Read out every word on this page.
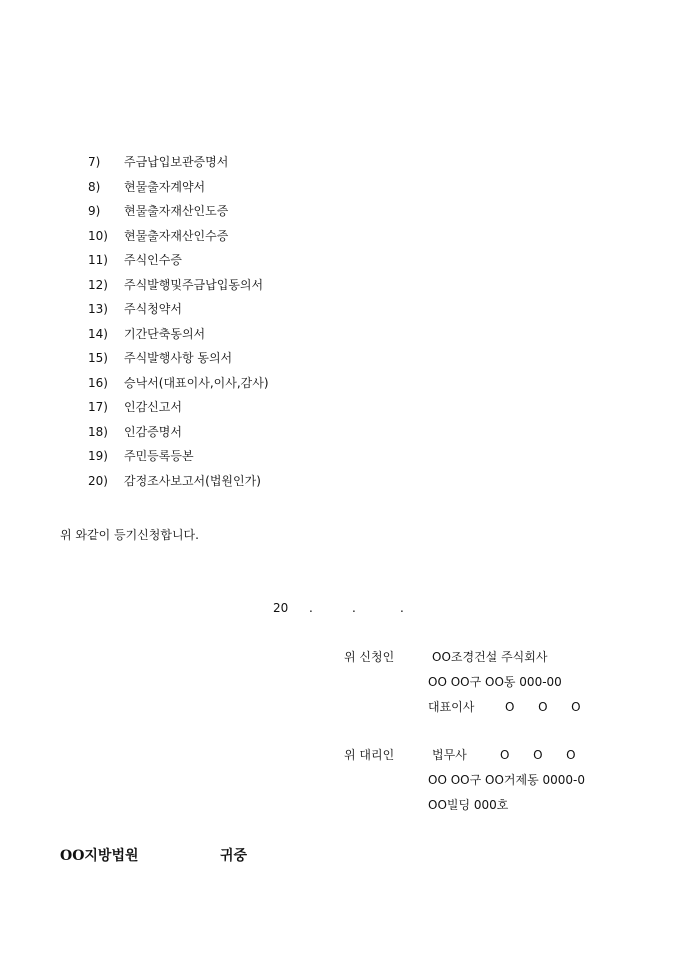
7)	주금납입보관증명서
8)	현물출자계약서
9)	현물출자재산인도증
10)	현물출자재산인수증
11)	주식인수증
12)	주식발행및주금납입동의서
13)	주식청약서
14)	기간단축동의서
15)	주식발행사항 동의서
16)	승낙서(대표이사,이사,감사)
17)	인감신고서
18)	인감증명서
19)	주민등록등본
20)	감정조사보고서(법원인가)
위 와같이 등기신청합니다.
20 .	.	.
위 신청인	OO조경건설 주식회사
OO OO구 OO동 000-00
대표이사	O  O  O
위 대리인	법무사	O  O  O
OO OO구 OO거제동 0000-0
OO빌딩 000호
OO지방법원	귀중
